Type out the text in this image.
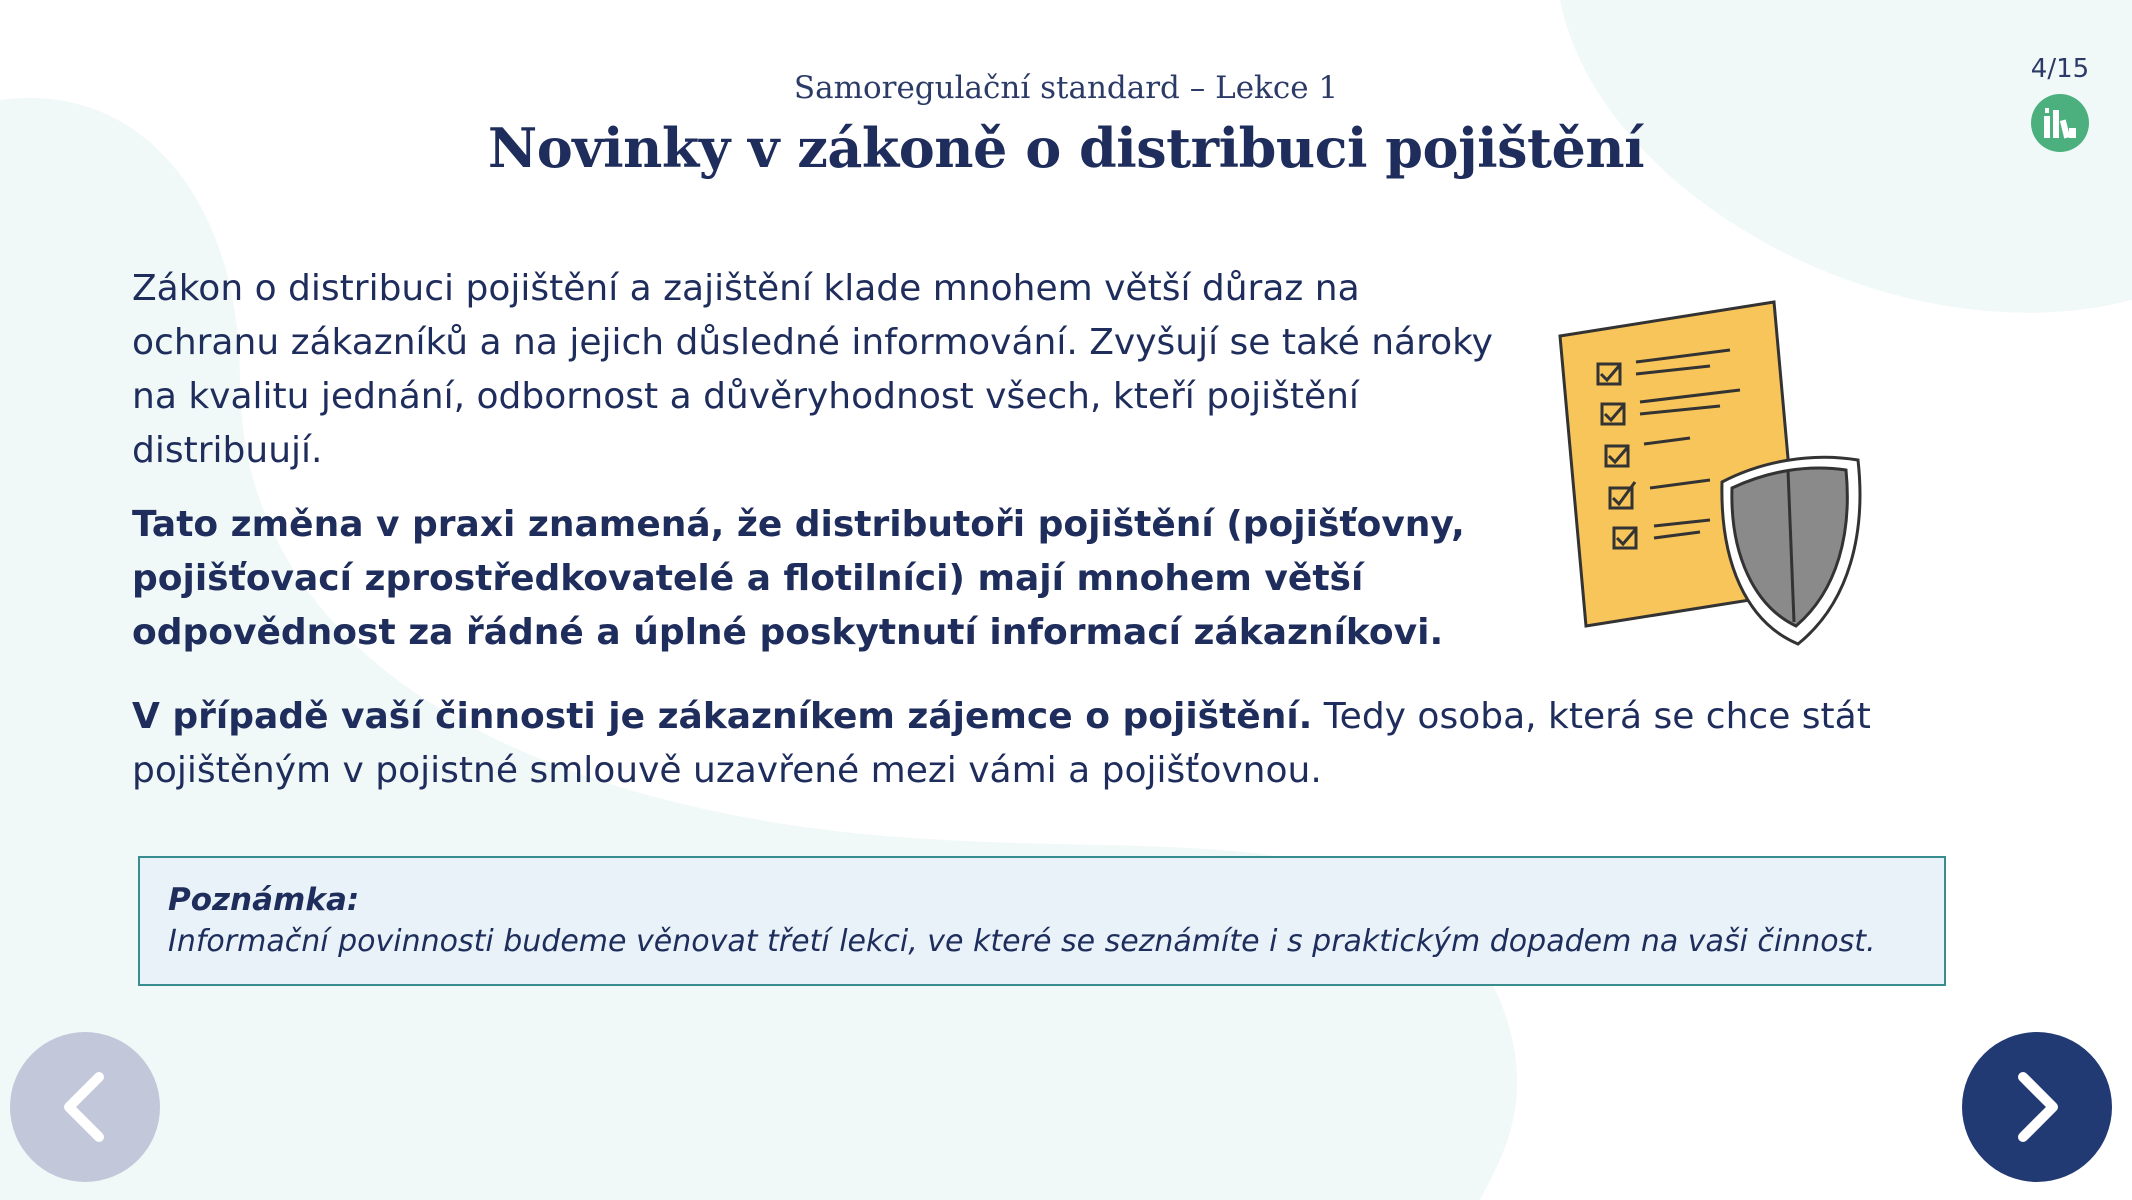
4/15
Samoregulační standard – Lekce 1
Novinky v zákoně o distribuci pojištění

Zákon o distribuci pojištění a zajištění klade mnohem větší důraz na ochranu zákazníků a na jejich důsledné informování. Zvyšují se také nároky na kvalitu jednání, odbornost a důvěryhodnost všech, kteří pojištění distribuují.

Tato změna v praxi znamená, že distributoři pojištění (pojišťovny, pojišťovací zprostředkovatelé a flotilníci) mají mnohem větší odpovědnost za řádné a úplné poskytnutí informací zákazníkovi.

V případě vaší činnosti je zákazníkem zájemce o pojištění. Tedy osoba, která se chce stát pojištěným v pojistné smlouvě uzavřené mezi vámi a pojišťovnou.

Poznámka:
Informační povinnosti budeme věnovat třetí lekci, ve které se seznámíte i s praktickým dopadem na vaši činnost.
